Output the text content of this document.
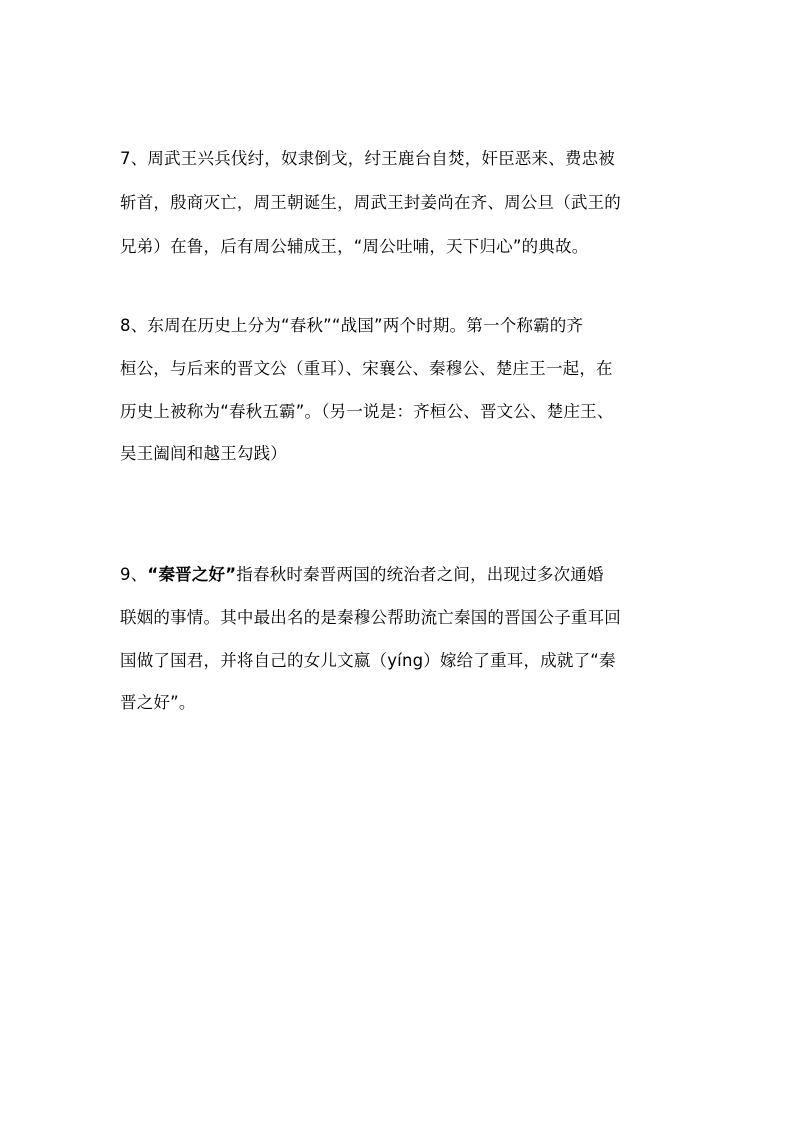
7、周武王兴兵伐纣，奴隶倒戈，纣王鹿台自焚，奸臣恶来、费忠被
斩首，殷商灭亡，周王朝诞生，周武王封姜尚在齐、周公旦（武王的
兄弟）在鲁，后有周公辅成王，“周公吐哺，天下归心”的典故。
8、东周在历史上分为“春秋”“战国”两个时期。第一个称霸的齐
桓公，与后来的晋文公（重耳）、宋襄公、秦穆公、楚庄王一起，在
历史上被称为“春秋五霸”。（另一说是：齐桓公、晋文公、楚庄王、
吴王阖闾和越王勾践）
9、“秦晋之好”指春秋时秦晋两国的统治者之间，出现过多次通婚
联姻的事情。其中最出名的是秦穆公帮助流亡秦国的晋国公子重耳回
国做了国君，并将自己的女儿文嬴（yíng）嫁给了重耳，成就了“秦
晋之好”。
